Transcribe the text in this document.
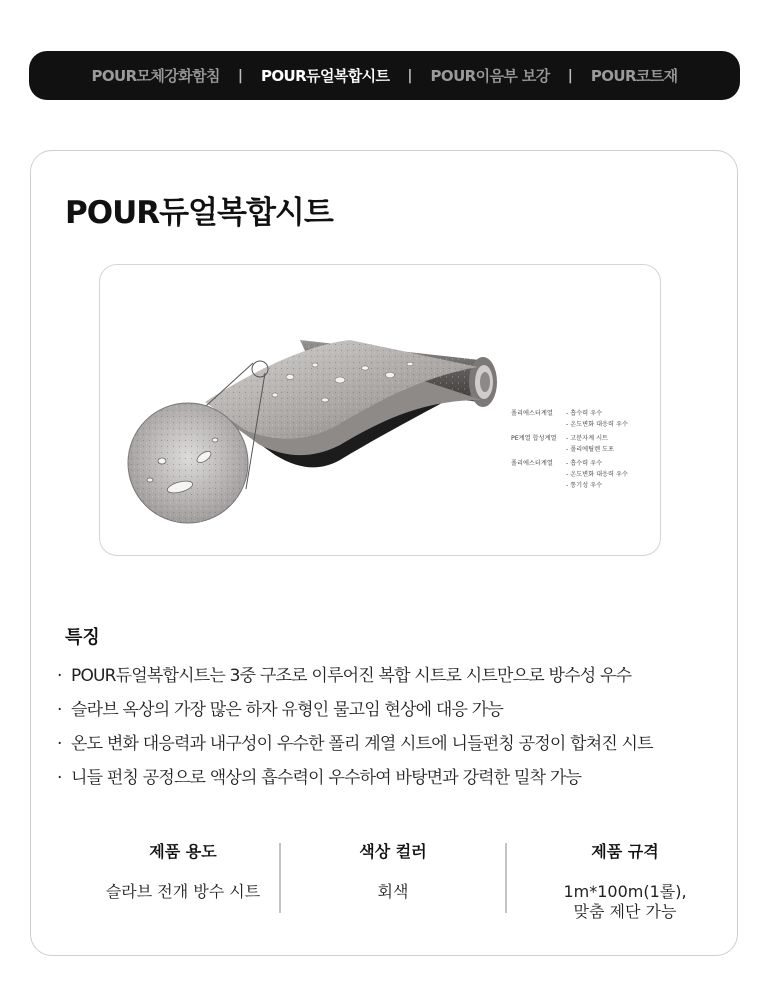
POUR모체강화함침 | POUR듀얼복합시트 | POUR이음부 보강 | POUR코트재
POUR듀얼복합시트
폴리에스터계열 - 흡수력 우수
- 온도변화 대응력 우수
PE계열 합성계열 - 고분자계 시트
- 폴리에틸렌 도포
폴리에스터계열 - 흡수력 우수
- 온도변화 대응력 우수
- 통기성 우수
특징
· POUR듀얼복합시트는 3중 구조로 이루어진 복합 시트로 시트만으로 방수성 우수
· 슬라브 옥상의 가장 많은 하자 유형인 물고임 현상에 대응 가능
· 온도 변화 대응력과 내구성이 우수한 폴리 계열 시트에 니들펀칭 공정이 합쳐진 시트
· 니들 펀칭 공정으로 액상의 흡수력이 우수하여 바탕면과 강력한 밀착 가능
제품 용도
슬라브 전개 방수 시트
색상 컬러
회색
제품 규격
1m*100m(1롤),
맞춤 제단 가능
